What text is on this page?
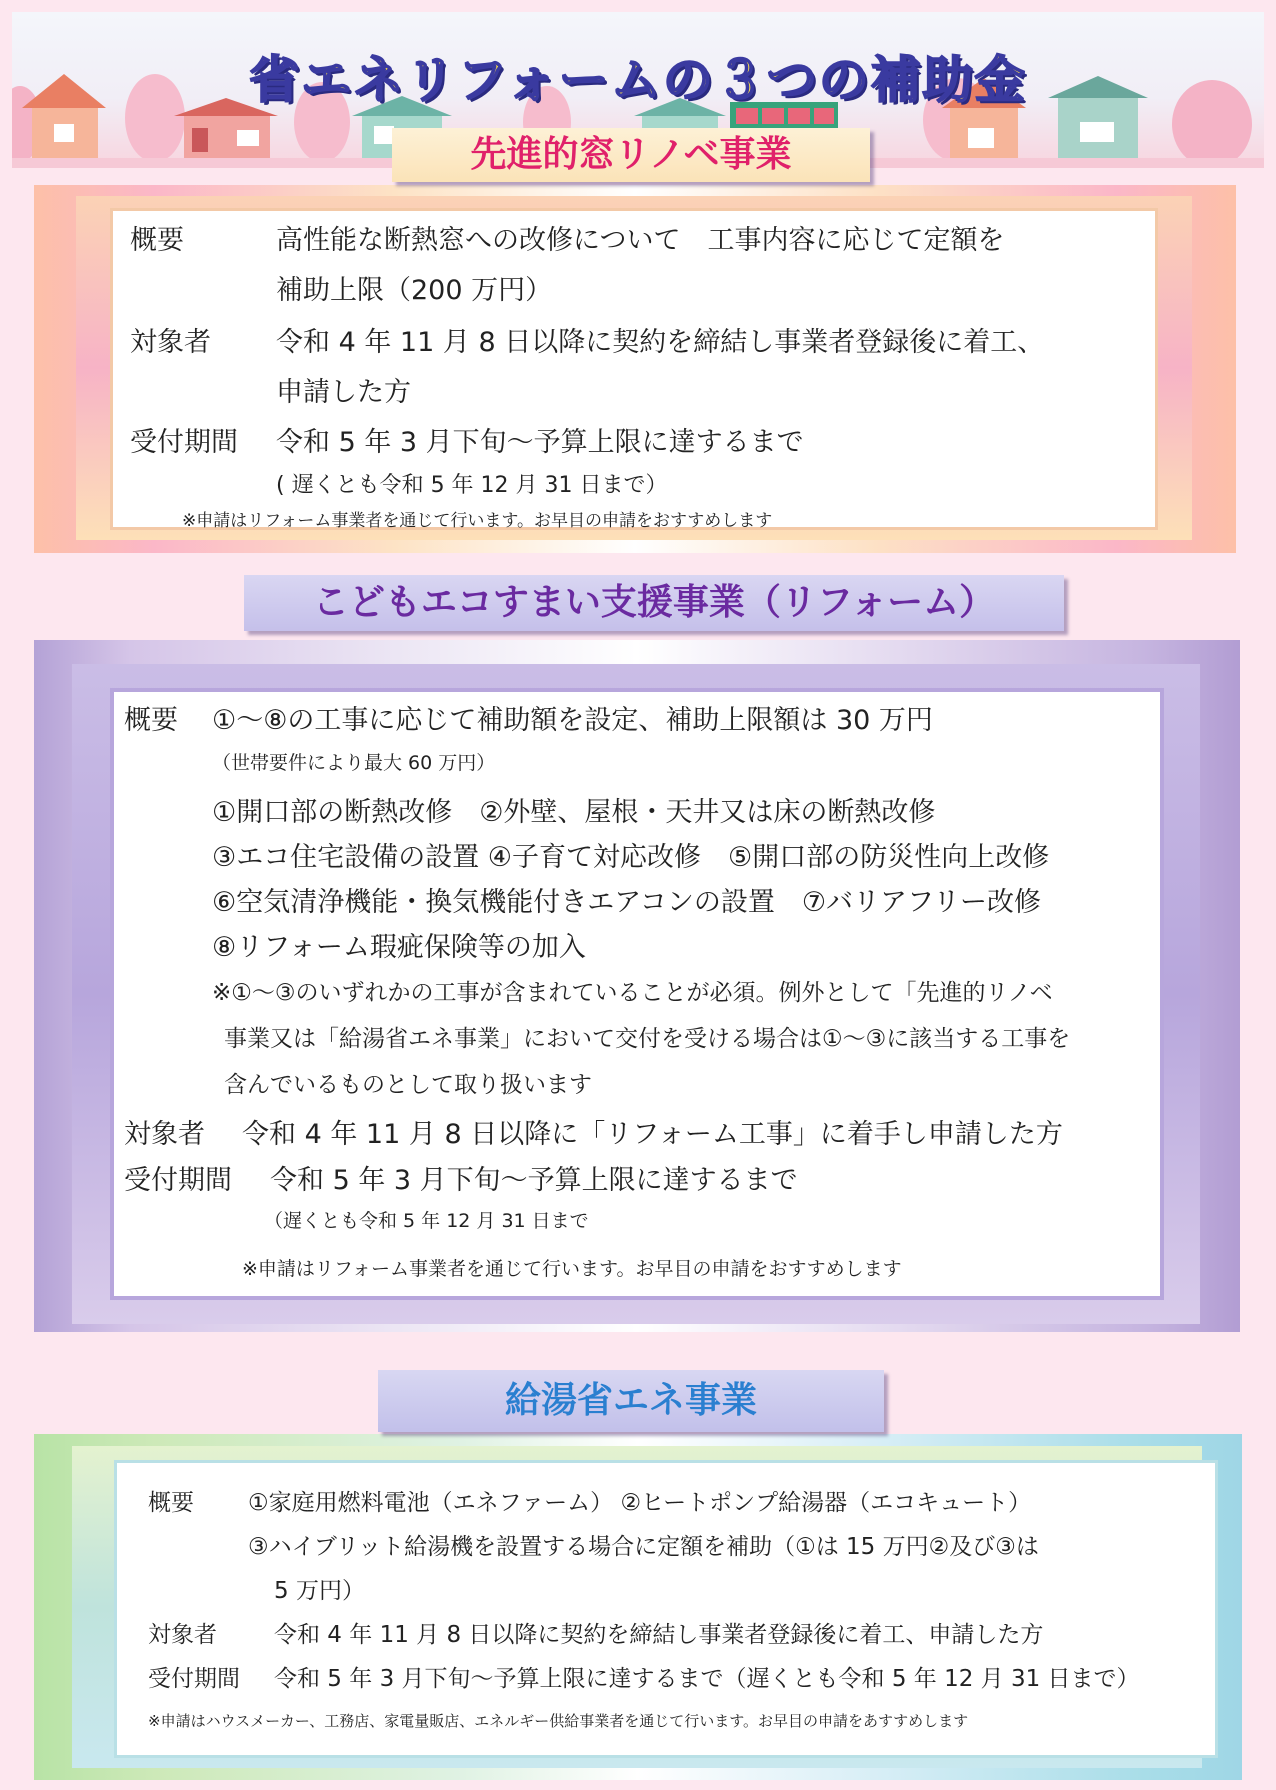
省エネリフォームの３つの補助金
先進的窓リノベ事業
概要	高性能な断熱窓への改修について　工事内容に応じて定額を
補助上限（200 万円）
対象者 令和 4 年 11 月 8 日以降に契約を締結し事業者登録後に着工、
申請した方
受付期間 令和 5 年 3 月下旬～予算上限に達するまで
( 遅くとも令和 5 年 12 月 31 日まで）
※申請はリフォーム事業者を通じて行います。お早目の申請をおすすめします
こどもエコすまい支援事業（リフォーム）
概要 ①～⑧の工事に応じて補助額を設定、補助上限額は 30 万円
（世帯要件により最大 60 万円）
①開口部の断熱改修　②外壁、屋根・天井又は床の断熱改修
③エコ住宅設備の設置 ④子育て対応改修　⑤開口部の防災性向上改修
⑥空気清浄機能・換気機能付きエアコンの設置　⑦バリアフリー改修
⑧リフォーム瑕疵保険等の加入
※①～③のいずれかの工事が含まれていることが必須。例外として「先進的リノベ
事業又は「給湯省エネ事業」において交付を受ける場合は①～③に該当する工事を
含んでいるものとして取り扱います
対象者 令和 4 年 11 月 8 日以降に「リフォーム工事」に着手し申請した方
受付期間 令和 5 年 3 月下旬～予算上限に達するまで
（遅くとも令和 5 年 12 月 31 日まで
※申請はリフォーム事業者を通じて行います。お早目の申請をおすすめします
給湯省エネ事業
概要 ①家庭用燃料電池（エネファーム） ②ヒートポンプ給湯器（エコキュート）
③ハイブリット給湯機を設置する場合に定額を補助（①は 15 万円②及び③は
5 万円）
対象者 令和 4 年 11 月 8 日以降に契約を締結し事業者登録後に着工、申請した方
受付期間 令和 5 年 3 月下旬～予算上限に達するまで（遅くとも令和 5 年 12 月 31 日まで）
※申請はハウスメーカー、工務店、家電量販店、エネルギー供給事業者を通じて行います。お早目の申請をあすすめします
